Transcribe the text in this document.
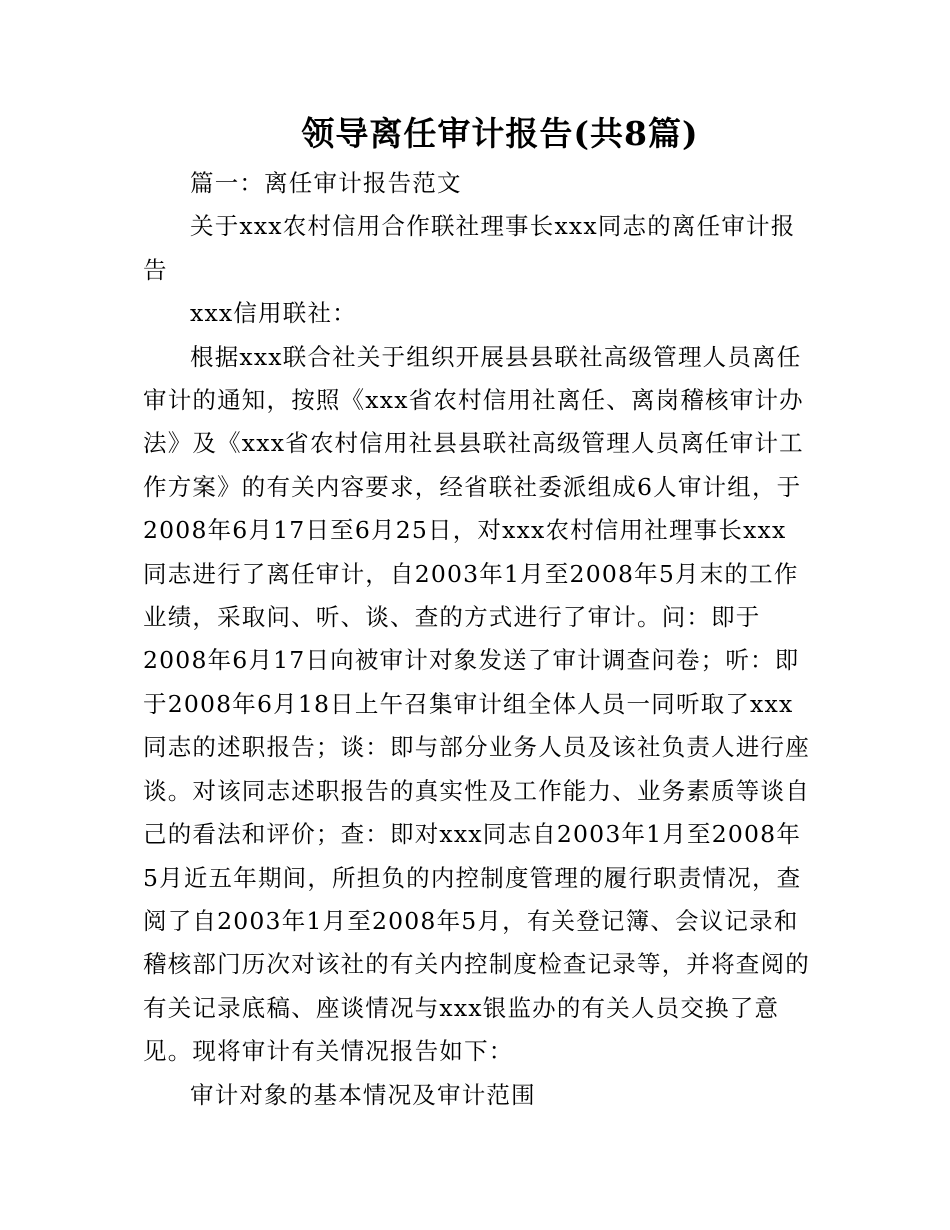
领导离任审计报告(共8篇)

篇一：离任审计报告范文

关于xxx农村信用合作联社理事长xxx同志的离任审计报
告

xxx信用联社：

根据xxx联合社关于组织开展县县联社高级管理人员离任
审计的通知，按照《xxx省农村信用社离任、离岗稽核审计办
法》及《xxx省农村信用社县县联社高级管理人员离任审计工
作方案》的有关内容要求，经省联社委派组成6人审计组，于
2008年6月17日至6月25日，对xxx农村信用社理事长xxx
同志进行了离任审计，自2003年1月至2008年5月末的工作
业绩，采取问、听、谈、查的方式进行了审计。问：即于
2008年6月17日向被审计对象发送了审计调查问卷；听：即
于2008年6月18日上午召集审计组全体人员一同听取了xxx
同志的述职报告；谈：即与部分业务人员及该社负责人进行座
谈。对该同志述职报告的真实性及工作能力、业务素质等谈自
己的看法和评价；查：即对xxx同志自2003年1月至2008年
5月近五年期间，所担负的内控制度管理的履行职责情况，查
阅了自2003年1月至2008年5月，有关登记簿、会议记录和
稽核部门历次对该社的有关内控制度检查记录等，并将查阅的
有关记录底稿、座谈情况与xxx银监办的有关人员交换了意
见。现将审计有关情况报告如下：

审计对象的基本情况及审计范围
